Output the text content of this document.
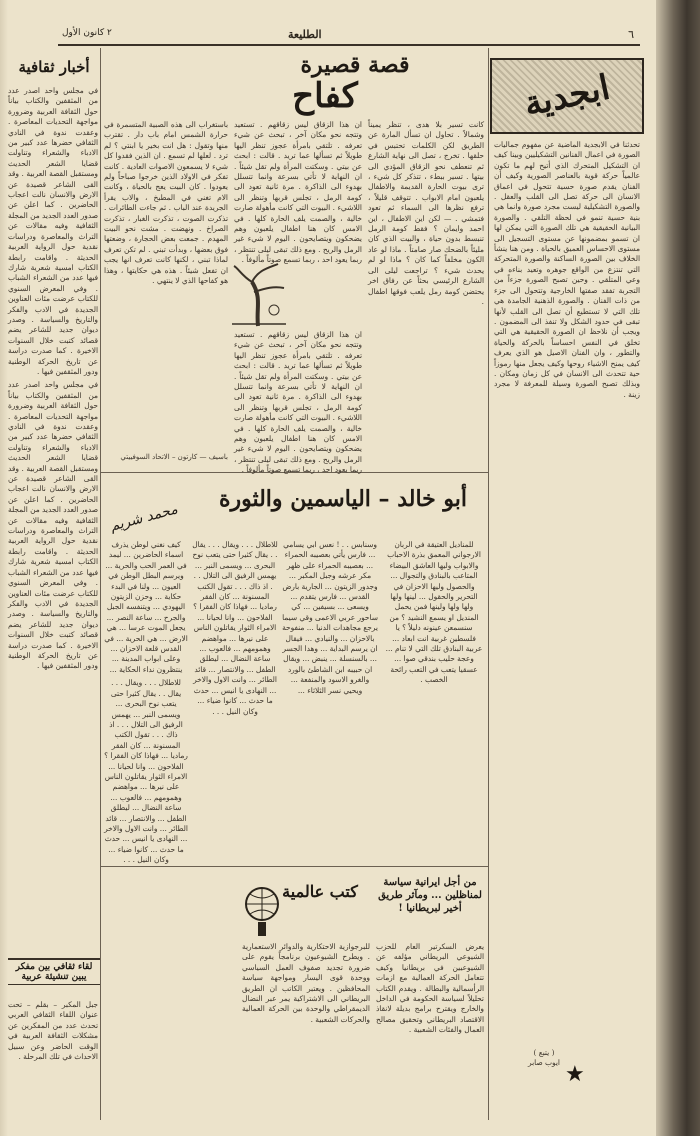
٦
الطليعة
٢ كانون الأول
ابجدية

تحدثنا في الابجدية الماضية عن مفهوم جماليات الصورة في اعمال الفنانين التشكيليين وبينا كيف ان التشكيل المتحرك الذي أتيح لهم ما تكون عالمياً حركة قوية بالعناصر الصورية وكيف أن الفنان يقدم صورة حسية تتحول في اعماق الانسان الى حركة تصل الى القلب والعقل . والصورة التشكيلية ليست مجرد صورة وانما هي بنية حسية تنمو في لحظة التلقي . والصورة البيانية الحقيقية هي تلك الصورة التي يمكن لها ان تسمو بمضمونها عن مستوى التسجيل الى مستوى الاحساس العميق بالحياة . ومن هنا ينشأ الخلاف بين الصورة الساكنة والصورة المتحركة التي تنتزع من الواقع جوهره وتعيد بناءه في وعي المتلقي . وحين تصبح الصورة جزءاً من التجربة تفقد صفتها الخارجية وتتحول الى جزء من ذات الفنان . والصورة الذهنية الجامدة هي تلك التي لا تستطيع أن تصل الى القلب لأنها تبقى في حدود الشكل ولا تنفذ الى المضمون . ويجب أن نلاحظ ان الصورة الحقيقية هي التي تخلق في النفس احساساً بالحركة والحياة والتطور ، وان الفنان الاصيل هو الذي يعرف كيف يمنح الاشياء روحها وكيف يجعل منها رموزاً حية تتحدث الى الانسان في كل زمان ومكان . وبذلك تصبح الصورة وسيلة للمعرفة لا مجرد زينة .

( يتبع )
ايوب صابر ★
قصة قصيرة
كفاح

كانت تسير بلا هدى ، تنظر يميناً وشمالاً . تحاول ان تسأل المارة عن الطريق لكن الكلمات تحتبس في حلقها . تخرج ، تصل الى نهاية الشارع ثم تنعطف نحو الزقاق المؤدي الى بيتها . تسير ببطء ، تتذكر كل شيء ، ترى بيوت الحارة القديمة والاطفال يلعبون امام الابواب . تتوقف قليلاً ، ترفع نظرها الى السماء ثم تعود فتمشي . — لكن اين الاطفال ، اين احمد وايمان ؟ فقط كومة الرمل تنبسط بدون حياة ، والبيت الذي كان مليئاً بالضحك صار صامتاً . ماذا لو عاد الكون مخلفاً كما كان ؟ ماذا لو لم يحدث شيء ؟ تراجعت ليلى الى الشارع الرئيسي بحثاً عن رفاق اخر يحتضن كومة رمل يلعب فوقها اطفال .

ان هذا الزقاق ليس زقاقهم . تستعيد وتتجه نحو مكان آخر ، تبحث عن شيء تعرفه . تلتقي بامرأة عجوز تنظر اليها طويلاً ثم تسألها عما تريد . قالت : ابحث عن بيتي . وسكتت المرأة ولم تقل شيئاً . ان النهاية لا تأتي بسرعة وانما تتسلل بهدوء الى الذاكرة . مرة ثانية تعود الى كومة الرمل ، تجلس قربها وتنظر الى اللاشيء . البيوت التي كانت مأهولة صارت خالية ، والصمت يلف الحارة كلها . في الامس كان هنا اطفال يلعبون وهم يضحكون ويتصايحون . اليوم لا شيء غير الرمل والريح . ومع ذلك تبقى ليلى تنتظر ، ربما يعود احد ، ربما تسمع صوتاً مألوفاً .

ان هذا الزقاق ليس زقاقهم . تستعيد وتتجه نحو مكان آخر ، تبحث عن شيء تعرفه . تلتقي بامرأة عجوز تنظر اليها طويلاً ثم تسألها عما تريد . قالت : ابحث عن بيتي . وسكتت المرأة ولم تقل شيئاً . ان النهاية لا تأتي بسرعة وانما تتسلل بهدوء الى الذاكرة . مرة ثانية تعود الى كومة الرمل ، تجلس قربها وتنظر الى اللاشيء . البيوت التي كانت مأهولة صارت خالية ، والصمت يلف الحارة كلها . في الامس كان هنا اطفال يلعبون وهم يضحكون ويتصايحون . اليوم لا شيء غير الرمل والريح . ومع ذلك تبقى ليلى تنتظر ، ربما يعود احد ، ربما تسمع صوتاً مألوفاً .

باستغراب الى هذه الصبية المتسمرة في حرارة الشمس امام باب دار . تقترب منها وتقول : هل انت بخير يا ابنتي ؟ لم ترد . لعلها لم تسمع . ان الذين فقدوا كل شيء لا يسمعون الاصوات العادية . كانت تفكر في الاولاد الذين خرجوا صباحاً ولم يعودوا . كان البيت يعج بالحياة ، وكانت الام تغني في المطبخ ، والاب يقرأ الجريدة عند الباب . ثم جاءت الطائرات . تذكرت الصوت ، تذكرت الغبار ، تذكرت الصراخ . ونهضت . مشت نحو البيت المهدم . جمعت بعض الحجارة ، وضعتها فوق بعضها ، وبدأت تبني . لم تكن تعرف لماذا تبني ، لكنها كانت تعرف انها يجب ان تفعل شيئاً . هذه هي حكايتها ، وهذا هو كفاحها الذي لا ينتهي .

باسيف — كارتون – الاتحاد السوفييتي
أخبار ثقافية

في مجلس واحد اصدر عدد من المثقفين والكتاب بياناً حول الثقافة العربية وضرورة مواجهة التحديات المعاصرة . وعقدت ندوة في النادي الثقافي حضرها عدد كبير من الادباء والشعراء وتناولت قضايا الشعر الحديث ومستقبل القصة العربية . وقد القى الشاعر قصيدة عن الارض والانسان نالت اعجاب الحاضرين . كما اعلن عن صدور العدد الجديد من المجلة الثقافية وفيه مقالات عن التراث والمعاصرة ودراسات نقدية حول الرواية العربية الحديثة . واقامت رابطة الكتاب امسية شعرية شارك فيها عدد من الشعراء الشباب . وفي المعرض السنوي للكتاب عرضت مئات العناوين الجديدة في الادب والفكر والتاريخ والسياسة . وصدر ديوان جديد للشاعر يضم قصائد كتبت خلال السنوات الاخيرة . كما صدرت دراسة عن تاريخ الحركة الوطنية ودور المثقفين فيها .

في مجلس واحد اصدر عدد من المثقفين والكتاب بياناً حول الثقافة العربية وضرورة مواجهة التحديات المعاصرة . وعقدت ندوة في النادي الثقافي حضرها عدد كبير من الادباء والشعراء وتناولت قضايا الشعر الحديث ومستقبل القصة العربية . وقد القى الشاعر قصيدة عن الارض والانسان نالت اعجاب الحاضرين . كما اعلن عن صدور العدد الجديد من المجلة الثقافية وفيه مقالات عن التراث والمعاصرة ودراسات نقدية حول الرواية العربية الحديثة . واقامت رابطة الكتاب امسية شعرية شارك فيها عدد من الشعراء الشباب . وفي المعرض السنوي للكتاب عرضت مئات العناوين الجديدة في الادب والفكر والتاريخ والسياسة . وصدر ديوان جديد للشاعر يضم قصائد كتبت خلال السنوات الاخيرة . كما صدرت دراسة عن تاريخ الحركة الوطنية ودور المثقفين فيها .

لقاء ثقافي بين مفكر يبين تنشيئة عربية

جبل المكبر – بقلم – تحت عنوان اللقاء الثقافي العربي تحدث عدد من المفكرين عن مشكلات الثقافة العربية في الوقت الحاضر وعن سبيل الاحداث في تلك المرحلة .

أبو خالد – الياسمين والثورة
محمد شريم

للمناديل العتيقة في الربان الارجواني المعمق بذرة الاحباب والابواب وليها العاشق البيضاء المتاعب بالبنادق والتجوال ... والحصول وليها الاحزان في التحرير والحقول ... لينها ولها ولها ولها ولينها فمن يحمل المنديل او يسمع النشيد ؟ من سنسمعن عينونه دليلاً ؟ يا فلسطين غربية انت ابعاد ... عربية البنادق تلك التي لا تنام ... وعجة حليب بندقي صوا ... عسقيا يتعب في التعب رائحة الخصب .

وسنابس . . ! نعس ابي يسامي ... فارس يأتي بعصيبه الحمراء ... بعصيبه الحمراء على ظهر مكر عرشه وجبل المكبر ... وجدور الزيتون ... الجارية بارض القدس ... فارس يتقدم ... ويسعى ... بسيفين ... كي ساحور عربي الاعمى وقي سيما يرجع مجاهدات الدنيا ... منفوحة بالاحزان ... والنيادي ... فيقال ان يرسم البداية ... وهدا الجسر ... بالسنسلة ... ينبض ... ويقال ان حبيبه ابن الشاطئ بالورد والغرو الاسود والمنفعة ... ويحيي نسر الثلاثاء ...

للاطلال . . . ويقال . . . يقال . . يقال كثيرا حتى يتعب نوح البحرى ... ويسمى النبر ... يهمس الرفيق الى التلال . . . اذ ذاك . . . تقول الكتب المسنونة ... كان الفقر رماديا ... فهاذا كان الفقرا ؟ الفلاحون ... وانا لحيانا ... الامراء الثوار يقاتلون الناس على نيرها ... مواهضم وهمومهم ... فالعوب ... ساعة النضال ... ليطلق الطفل ... والانتصار ... قائد الطائر ... وانت الاول والاخر ... النهادى يا انيس ... حدث ما حدث ... كانوا ضياء ... وكان النيل . . .

كيف نغني لوطن يذرف اسماء الحاضرين ... ليمد في العمر الحب والحرية ... ويرسم البطل الوطن في العيون ... ولنا في البدء حكاية ... وحزن الزيتون اليهودي ... ويتنفسه الجبل والجرح ... ساعة النصر ... يجعل الموت عرسا ... هي الارض ... هي الحرية ... في القدس قلعة الاحزان ... وعلى ابواب المدينة ... ينتظرون نداء الحكاية ...

للاطلال . . . ويقال . . . يقال . . يقال كثيرا حتى يتعب نوح البحرى ... ويسمى النبر ... يهمس الرفيق الى التلال . . . اذ ذاك . . . تقول الكتب المسنونة ... كان الفقر رماديا ... فهاذا كان الفقرا ؟ الفلاحون ... وانا لحيانا ... الامراء الثوار يقاتلون الناس على نيرها ... مواهضم وهمومهم ... فالعوب ... ساعة النضال ... ليطلق الطفل ... والانتصار ... قائد الطائر ... وانت الاول والاخر ... النهادى يا انيس ... حدث ما حدث ... كانوا ضياء ... وكان النيل . . .

من أجل ايرانية سياسة لمناظلين ... ومآثر طريق أخير لبريطانيا !
كتب عالمية

يعرض السكرتير العام للحزب الشيوعي البريطاني مؤلفه عن الشيوعيين في بريطانيا وكيف تتعامل الحركة العمالية مع ازمات الرأسمالية والبطالة . ويقدم الكتاب تحليلاً لسياسة الحكومة في الداخل والخارج ويقترح برامج بديلة لانقاذ الاقتصاد البريطاني وتحقيق مصالح العمال والفئات الشعبية .

للبرجوازية الاحتكارية والدوائر الاستعمارية . ويطرح الشيوعيون برنامجاً يقوم على ضرورة تجديد صفوف العمل السياسي ووحدة قوى اليسار ومواجهة سياسة المحافظين . ويعتبر الكاتب ان الطريق البريطاني الى الاشتراكية يمر عبر النضال الديمقراطي والوحدة بين الحركة العمالية والحركات الشعبية .
